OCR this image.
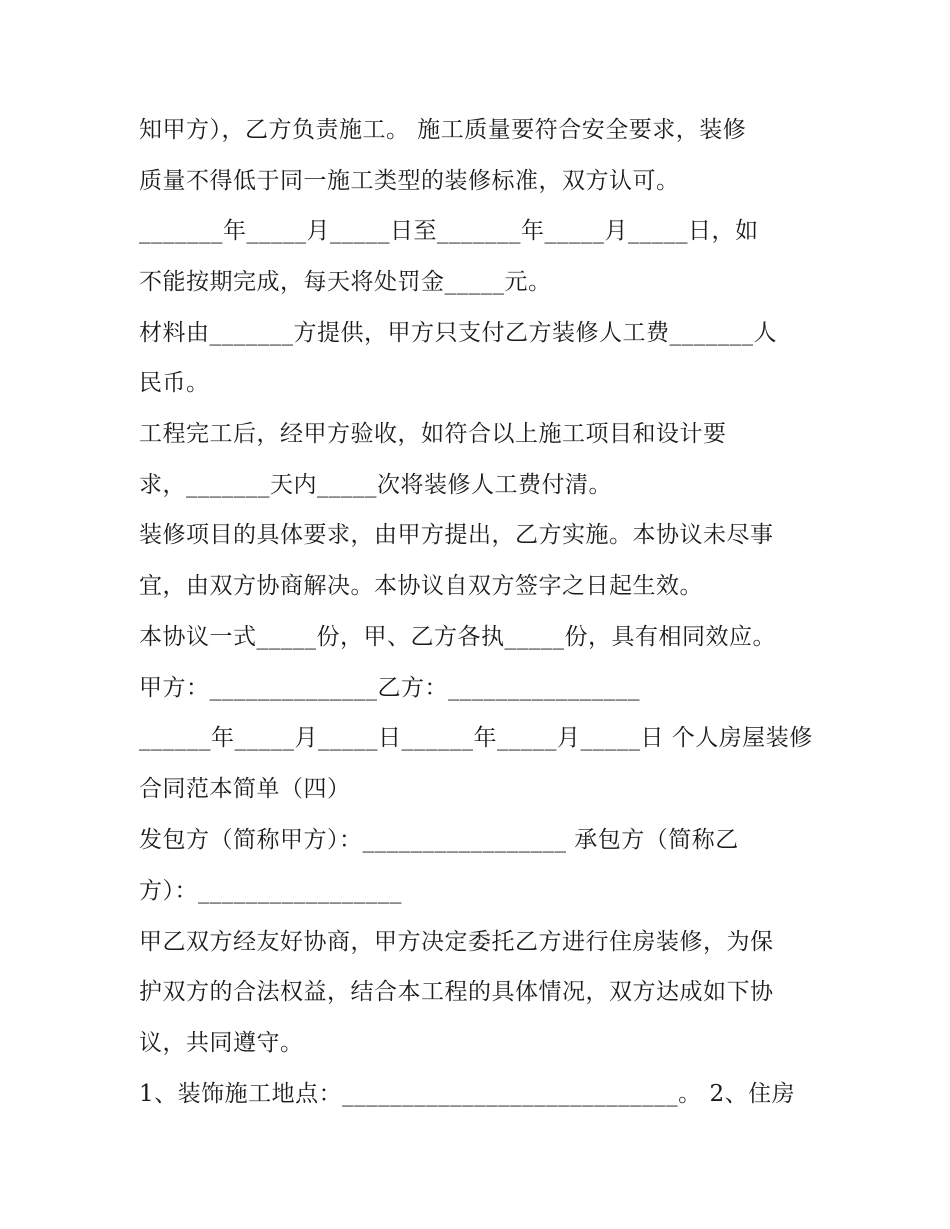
知甲方），乙方负责施工。 施工质量要符合安全要求，装修
质量不得低于同一施工类型的装修标准，双方认可。
_______年_____月_____日至_______年_____月_____日，如
不能按期完成，每天将处罚金_____元。
材料由_______方提供，甲方只支付乙方装修人工费_______人
民币。
工程完工后，经甲方验收，如符合以上施工项目和设计要
求，_______天内_____次将装修人工费付清。
装修项目的具体要求，由甲方提出，乙方实施。本协议未尽事
宜，由双方协商解决。本协议自双方签字之日起生效。
本协议一式_____份，甲、乙方各执_____份，具有相同效应。
甲方：______________乙方：________________
______年_____月_____日______年_____月_____日 个人房屋装修
合同范本简单（四）
发包方（简称甲方）：_________________ 承包方（简称乙
方）：_________________
甲乙双方经友好协商，甲方决定委托乙方进行住房装修，为保
护双方的合法权益，结合本工程的具体情况，双方达成如下协
议，共同遵守。
1、装饰施工地点：____________________________。 2、住房
